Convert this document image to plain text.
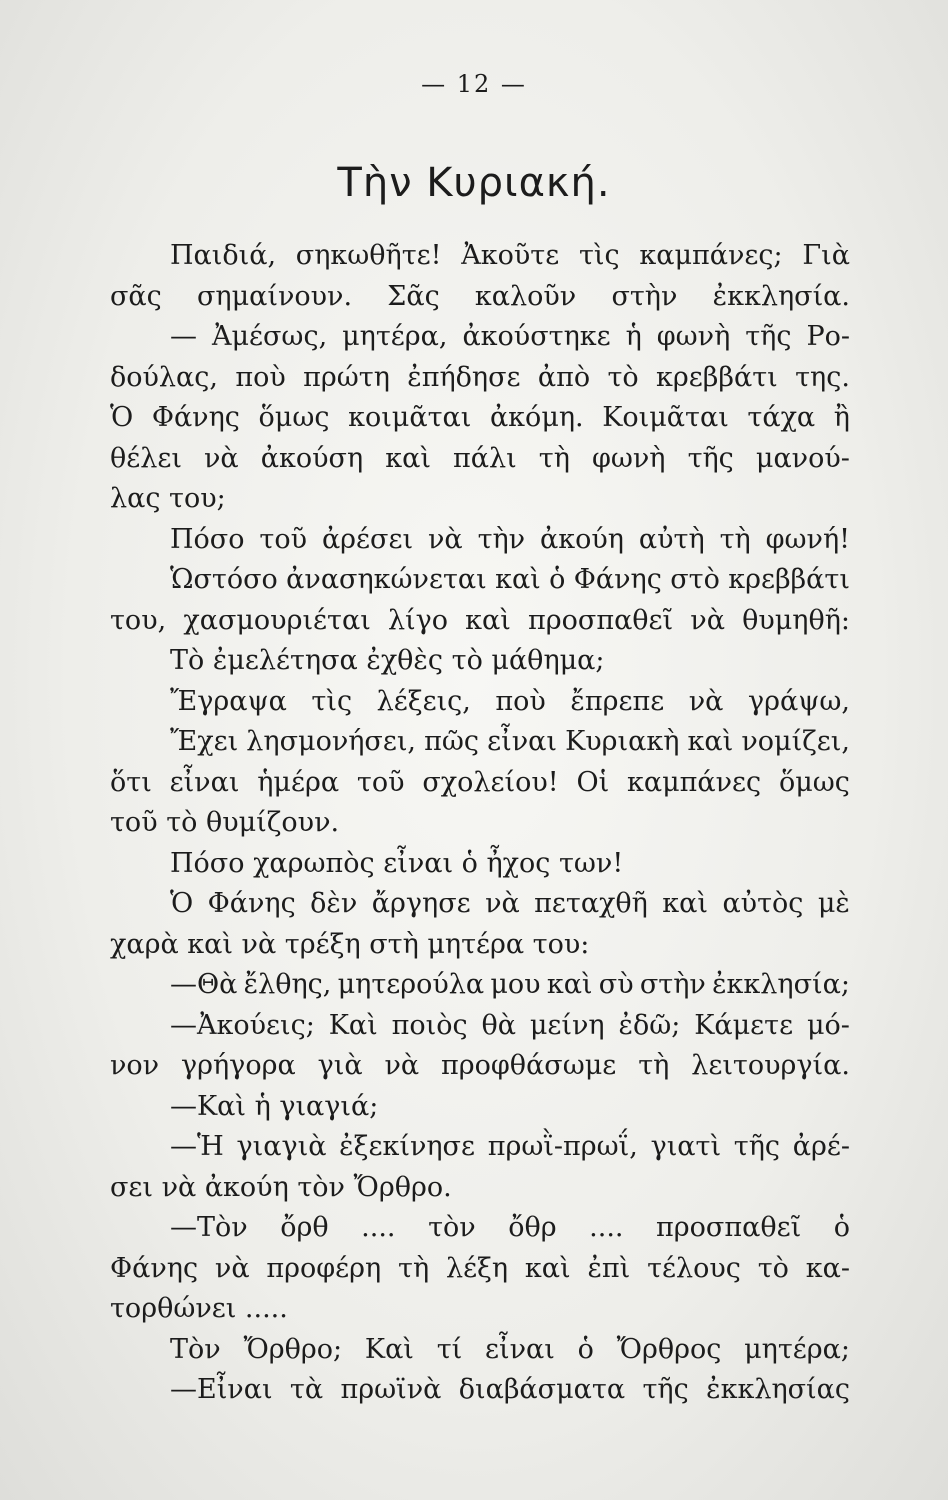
— 12 —
Τὴν Κυριακή.
Παιδιά, σηκωθῆτε! Ἀκοῦτε τὶς καμπάνες; Γιὰ
σᾶς σημαίνουν. Σᾶς καλοῦν στὴν ἐκκλησία.
— Ἀμέσως, μητέρα, ἀκούστηκε ἡ φωνὴ τῆς Ρο-
δούλας, ποὺ πρώτη ἐπήδησε ἀπὸ τὸ κρεββάτι της.
Ὁ Φάνης ὅμως κοιμᾶται ἀκόμη. Κοιμᾶται τάχα ἢ
θέλει νὰ ἀκούση καὶ πάλι τὴ φωνὴ τῆς μανού-
λας του;
Πόσο τοῦ ἀρέσει νὰ τὴν ἀκούη αὐτὴ τὴ φωνή!
Ὡστόσο ἀνασηκώνεται καὶ ὁ Φάνης στὸ κρεββάτι
του, χασμουριέται λίγο καὶ προσπαθεῖ νὰ θυμηθῆ:
Τὸ ἐμελέτησα ἐχθὲς τὸ μάθημα;
Ἔγραψα τὶς λέξεις, ποὺ ἔπρεπε νὰ γράψω,
Ἔχει λησμονήσει, πῶς εἶναι Κυριακὴ καὶ νομίζει,
ὅτι εἶναι ἡμέρα τοῦ σχολείου! Οἱ καμπάνες ὅμως
τοῦ τὸ θυμίζουν.
Πόσο χαρωπὸς εἶναι ὁ ἦχος των!
Ὁ Φάνης δὲν ἄργησε νὰ πεταχθῆ καὶ αὐτὸς μὲ
χαρὰ καὶ νὰ τρέξη στὴ μητέρα του:
—Θὰ ἔλθης, μητερούλα μου καὶ σὺ στὴν ἐκκλησία;
—Ἀκούεις; Καὶ ποιὸς θὰ μείνη ἐδῶ; Κάμετε μό-
νον γρήγορα γιὰ νὰ προφθάσωμε τὴ λειτουργία.
—Καὶ ἡ γιαγιά;
—Ἡ γιαγιὰ ἐξεκίνησε πρωῒ-πρωΐ, γιατὶ τῆς ἀρέ-
σει νὰ ἀκούη τὸν Ὄρθρο.
—Τὸν ὄρθ .... τὸν ὄθρ .... προσπαθεῖ ὁ
Φάνης νὰ προφέρη τὴ λέξη καὶ ἐπὶ τέλους τὸ κα-
τορθώνει .....
Τὸν Ὄρθρο; Καὶ τί εἶναι ὁ Ὄρθρος μητέρα;
—Εἶναι τὰ πρωϊνὰ διαβάσματα τῆς ἐκκλησίας
